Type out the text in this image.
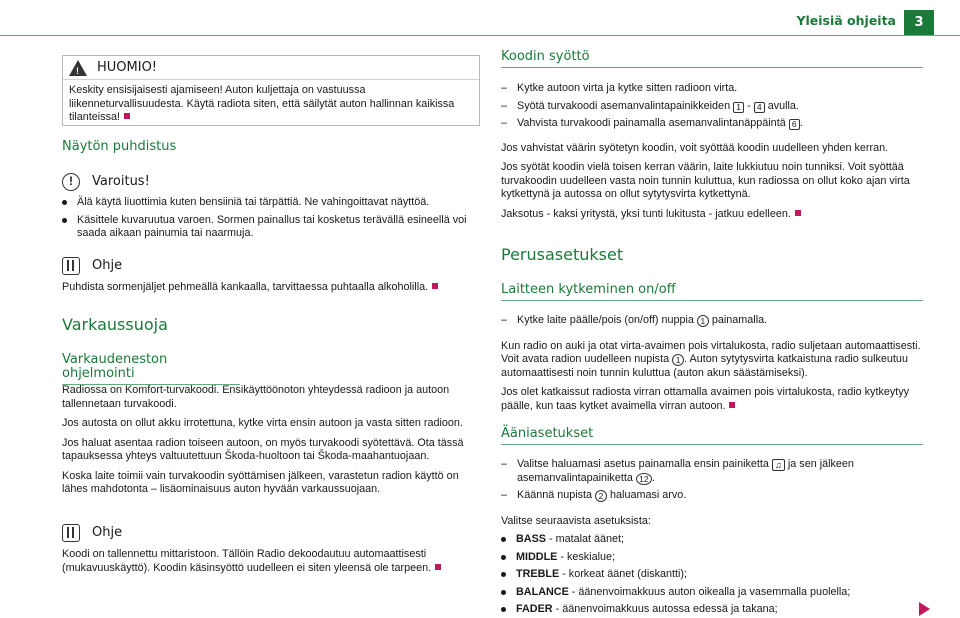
Yleisiä ohjeita	3
! HUOMIO!

Keskity ensisijaisesti ajamiseen! Auton kuljettaja on vastuussa liikenneturvallisuudesta. Käytä radiota siten, että säilytät auton hallinnan kaikissa tilanteissa!

Näytön puhdistus
!	Varoitus!
Älä käytä liuottimia kuten bensiiniä tai tärpättiä. Ne vahingoittavat näyttöä.
Käsittele kuvaruutua varoen. Sormen painallus tai kosketus terävällä esineellä voi saada aikaan painumia tai naarmuja.
Ohje

Puhdista sormenjäljet pehmeällä kankaalla, tarvittaessa puhtaalla alkoholilla.

Varkaussuoja
Varkaudeneston ohjelmointi

Radiossa on Komfort-turvakoodi. Ensikäyttöönoton yhteydessä radioon ja autoon tallennetaan turvakoodi.

Jos autosta on ollut akku irrotettuna, kytke virta ensin autoon ja vasta sitten radioon.

Jos haluat asentaa radion toiseen autoon, on myös turvakoodi syötettävä. Ota tässä tapauksessa yhteys valtuutettuun Škoda-huoltoon tai Škoda-maahantuojaan.

Koska laite toimii vain turvakoodin syöttämisen jälkeen, varastetun radion käyttö on lähes mahdotonta – lisäominaisuus auton hyvään varkaussuojaan.

Ohje

Koodi on tallennettu mittaristoon. Tällöin Radio dekoodautuu automaattisesti (mukavuuskäyttö). Koodin käsinsyöttö uudelleen ei siten yleensä ole tarpeen.

Koodin syöttö
– Kytke autoon virta ja kytke sitten radioon virta.
– Syötä turvakoodi asemanvalintapainikkeiden 1 - 4 avulla.
– Vahvista turvakoodi painamalla asemanvalintanäppäintä 6 .

Jos vahvistat väärin syötetyn koodin, voit syöttää koodin uudelleen yhden kerran.

Jos syötät koodin vielä toisen kerran väärin, laite lukkiutuu noin tunniksi. Voit syöttää turvakoodin uudelleen vasta noin tunnin kuluttua, kun radiossa on ollut koko ajan virta kytkettynä ja autossa on ollut sytytysvirta kytkettynä.

Jaksotus - kaksi yritystä, yksi tunti lukitusta - jatkuu edelleen.

Perusasetukset
Laitteen kytkeminen on/off
– Kytke laite päälle/pois (on/off) nuppia 1 painamalla.

Kun radio on auki ja otat virta-avaimen pois virtalukosta, radio suljetaan automaattisesti. Voit avata radion uudelleen nupista 1 . Auton sytytysvirta katkaistuna radio sulkeutuu automaattisesti noin tunnin kuluttua (auton akun säästämiseksi).

Jos olet katkaissut radiosta virran ottamalla avaimen pois virtalukosta, radio kytkeytyy päälle, kun taas kytket avaimella virran autoon.

Ääniasetukset
– Valitse haluamasi asetus painamalla ensin painiketta ♫ ja sen jälkeen asemanvalintapainiketta 12 .
– Käännä nupista 2 haluamasi arvo.

Valitse seuraavista asetuksista:

BASS - matalat äänet;
MIDDLE - keskialue;
TREBLE - korkeat äänet (diskantti);
BALANCE - äänenvoimakkuus auton oikealla ja vasemmalla puolella;
FADER - äänenvoimakkuus autossa edessä ja takana;
